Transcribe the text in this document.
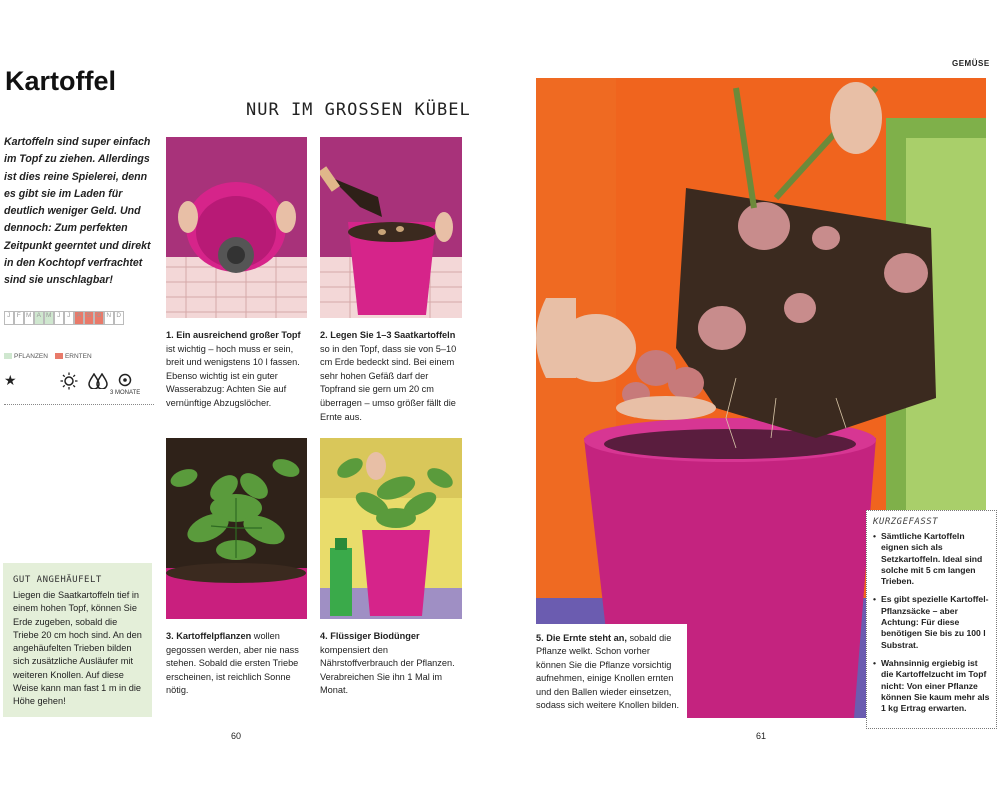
Kartoffel
NUR IM GROSSEN KÜBEL
GEMÜSE
Kartoffeln sind super einfach im Topf zu ziehen. Allerdings ist dies reine Spielerei, denn es gibt sie im Laden für deutlich weniger Geld. Und dennoch: Zum perfekten Zeitpunkt geerntet und direkt in den Kochtopf verfrachtet sind sie unschlagbar!
J F M A M J	J A S O N D
PFLANZEN	ERNTEN
★
3 MONATE
1. Ein ausreichend großer Topf ist wichtig – hoch muss er sein, breit und wenigstens 10 l fassen. Ebenso wichtig ist ein guter Wasserabzug: Achten Sie auf vernünftige Abzugslöcher.
2. Legen Sie 1–3 Saatkartoffeln so in den Topf, dass sie von 5–10 cm Erde bedeckt sind. Bei einem sehr hohen Gefäß darf der Topfrand sie gern um 20 cm überragen – umso größer fällt die Ernte aus.
3. Kartoffelpflanzen wollen gegossen werden, aber nie nass stehen. Sobald die ersten Triebe erscheinen, ist reichlich Sonne nötig.
4. Flüssiger Biodünger kompensiert den Nährstoffverbrauch der Pflanzen. Verabreichen Sie ihn 1 Mal im Monat.
GUT ANGEHÄUFELT
Liegen die Saatkartoffeln tief in einem hohen Topf, können Sie Erde zugeben, sobald die Triebe 20 cm hoch sind. An den angehäufelten Trieben bilden sich zusätzliche Ausläufer mit weiteren Knollen. Auf diese Weise kann man fast 1 m in die Höhe gehen!
5. Die Ernte steht an, sobald die Pflanze welkt. Schon vorher können Sie die Pflanze vorsichtig aufnehmen, einige Knollen ernten und den Ballen wieder einsetzen, sodass sich weitere Knollen bilden.
KURZGEFASST
• Sämtliche Kartoffeln eignen sich als Setzkartoffeln. Ideal sind solche mit 5 cm langen Trieben.
• Es gibt spezielle Kartoffel-Pflanzsäcke – aber Achtung: Für diese benötigen Sie bis zu 100 l Substrat.
• Wahnsinnig ergiebig ist die Kartoffelzucht im Topf nicht: Von einer Pflanze können Sie kaum mehr als 1 kg Ertrag erwarten.
60	61
